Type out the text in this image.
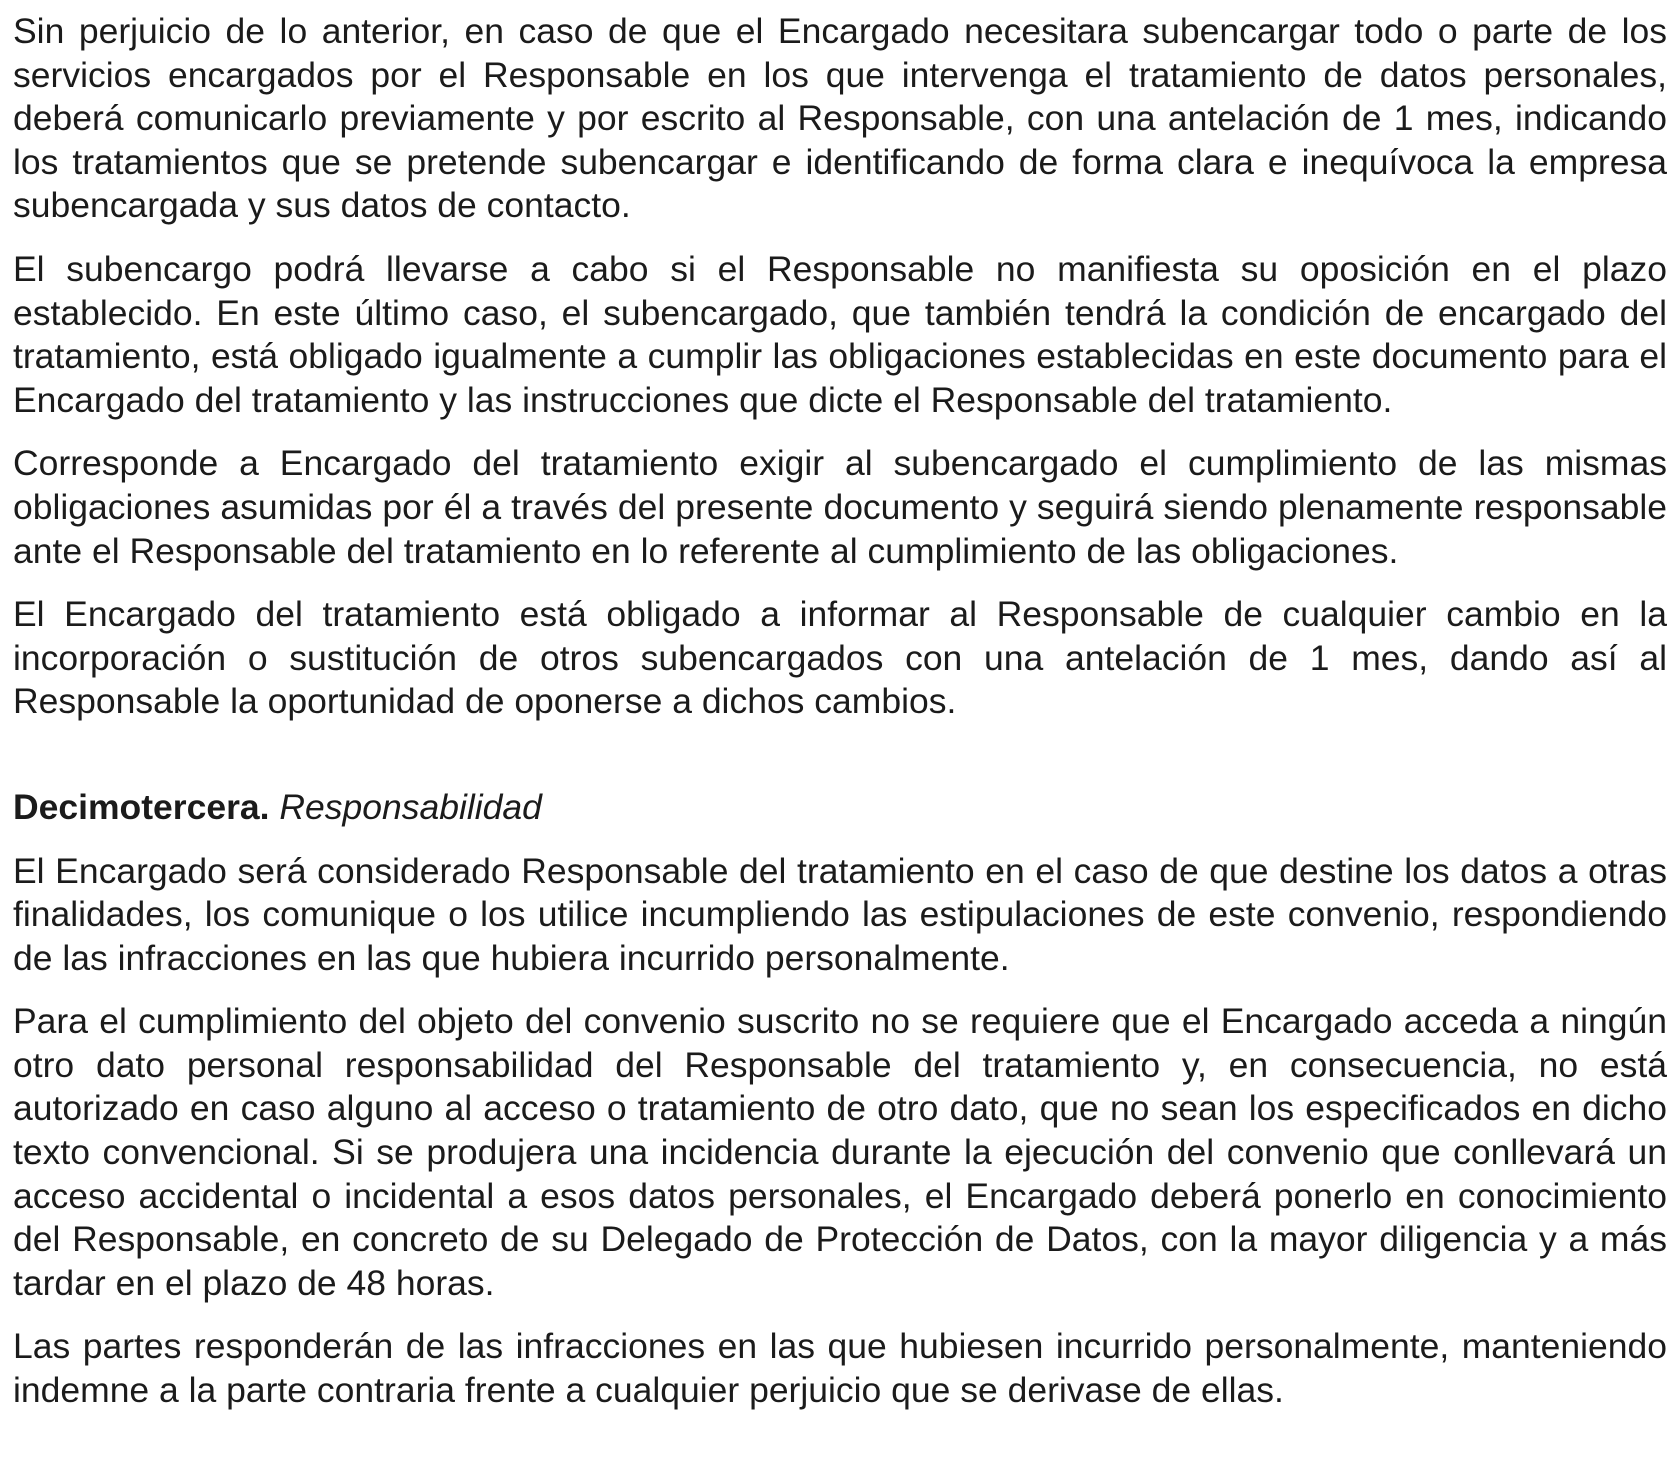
Sin perjuicio de lo anterior, en caso de que el Encargado necesitara subencargar todo o parte de los servicios encargados por el Responsable en los que intervenga el tratamiento de datos personales, deberá comunicarlo previamente y por escrito al Responsable, con una antelación de 1 mes, indicando los tratamientos que se pretende subencargar e identificando de forma clara e inequívoca la empresa subencargada y sus datos de contacto.

El subencargo podrá llevarse a cabo si el Responsable no manifiesta su oposición en el plazo establecido. En este último caso, el subencargado, que también tendrá la condición de encargado del tratamiento, está obligado igualmente a cumplir las obligaciones establecidas en este documento para el Encargado del tratamiento y las instrucciones que dicte el Responsable del tratamiento.

Corresponde a Encargado del tratamiento exigir al subencargado el cumplimiento de las mismas obligaciones asumidas por él a través del presente documento y seguirá siendo plenamente responsable ante el Responsable del tratamiento en lo referente al cumplimiento de las obligaciones.

El Encargado del tratamiento está obligado a informar al Responsable de cualquier cambio en la incorporación o sustitución de otros subencargados con una antelación de 1 mes, dando así al Responsable la oportunidad de oponerse a dichos cambios.

Decimotercera. Responsabilidad

El Encargado será considerado Responsable del tratamiento en el caso de que destine los datos a otras finalidades, los comunique o los utilice incumpliendo las estipulaciones de este convenio, respondiendo de las infracciones en las que hubiera incurrido personalmente.

Para el cumplimiento del objeto del convenio suscrito no se requiere que el Encargado acceda a ningún otro dato personal responsabilidad del Responsable del tratamiento y, en consecuencia, no está autorizado en caso alguno al acceso o tratamiento de otro dato, que no sean los especificados en dicho texto convencional. Si se produjera una incidencia durante la ejecución del convenio que conllevará un acceso accidental o incidental a esos datos personales, el Encargado deberá ponerlo en conocimiento del Responsable, en concreto de su Delegado de Protección de Datos, con la mayor diligencia y a más tardar en el plazo de 48 horas.

Las partes responderán de las infracciones en las que hubiesen incurrido personalmente, manteniendo indemne a la parte contraria frente a cualquier perjuicio que se derivase de ellas.
